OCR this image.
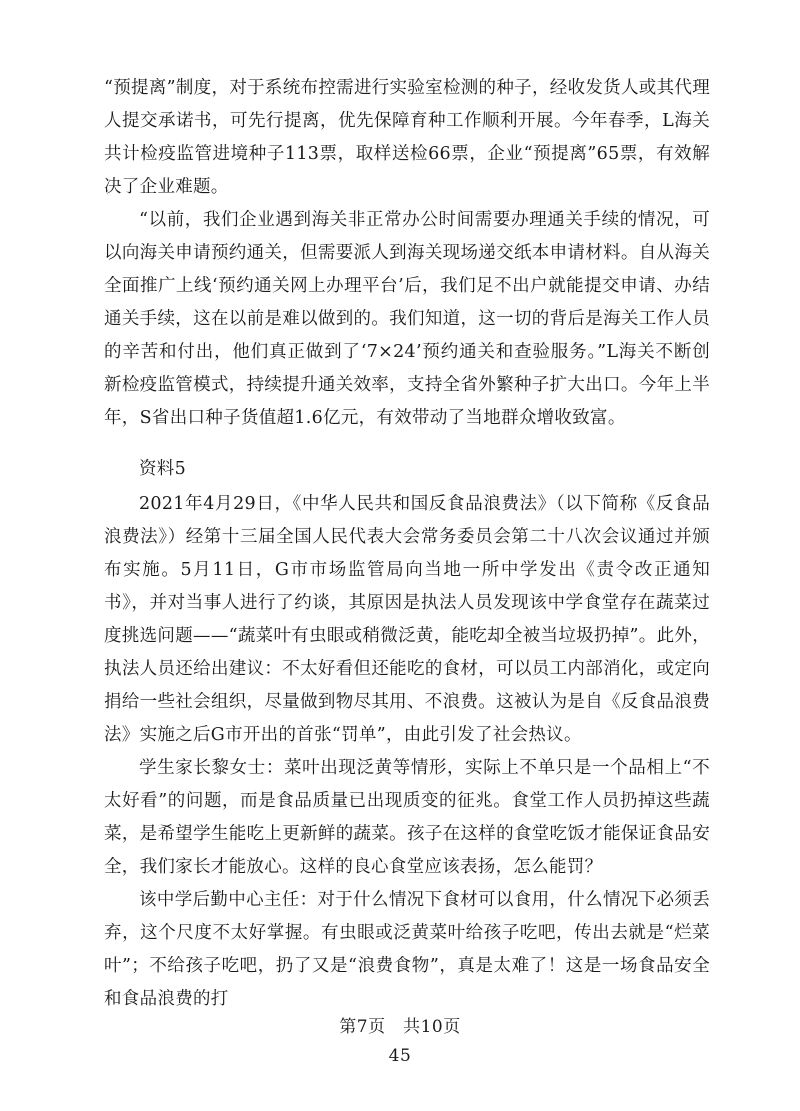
“预提离”制度，对于系统布控需进行实验室检测的种子，经收发货人或其代理人提交承诺书，可先行提离，优先保障育种工作顺利开展。今年春季，L海关共计检疫监管进境种子113票，取样送检66票，企业“预提离”65票，有效解决了企业难题。

“以前，我们企业遇到海关非正常办公时间需要办理通关手续的情况，可以向海关申请预约通关，但需要派人到海关现场递交纸本申请材料。自从海关全面推广上线‘预约通关网上办理平台’后，我们足不出户就能提交申请、办结通关手续，这在以前是难以做到的。我们知道，这一切的背后是海关工作人员的辛苦和付出，他们真正做到了‘7×24’预约通关和查验服务。”L海关不断创新检疫监管模式，持续提升通关效率，支持全省外繁种子扩大出口。今年上半年，S省出口种子货值超1.6亿元，有效带动了当地群众增收致富。

资料5

2021年4月29日，《中华人民共和国反食品浪费法》（以下简称《反食品浪费法》）经第十三届全国人民代表大会常务委员会第二十八次会议通过并颁布实施。5月11日，G市市场监管局向当地一所中学发出《责令改正通知书》，并对当事人进行了约谈，其原因是执法人员发现该中学食堂存在蔬菜过度挑选问题——“蔬菜叶有虫眼或稍微泛黄，能吃却全被当垃圾扔掉”。此外，执法人员还给出建议：不太好看但还能吃的食材，可以员工内部消化，或定向捐给一些社会组织，尽量做到物尽其用、不浪费。这被认为是自《反食品浪费法》实施之后G市开出的首张“罚单”，由此引发了社会热议。

学生家长黎女士：菜叶出现泛黄等情形，实际上不单只是一个品相上“不太好看”的问题，而是食品质量已出现质变的征兆。食堂工作人员扔掉这些蔬菜，是希望学生能吃上更新鲜的蔬菜。孩子在这样的食堂吃饭才能保证食品安全，我们家长才能放心。这样的良心食堂应该表扬，怎么能罚？

该中学后勤中心主任：对于什么情况下食材可以食用，什么情况下必须丢弃，这个尺度不太好掌握。有虫眼或泛黄菜叶给孩子吃吧，传出去就是“烂菜叶”；不给孩子吃吧，扔了又是“浪费食物”，真是太难了！这是一场食品安全和食品浪费的打

第7页　共10页
45
